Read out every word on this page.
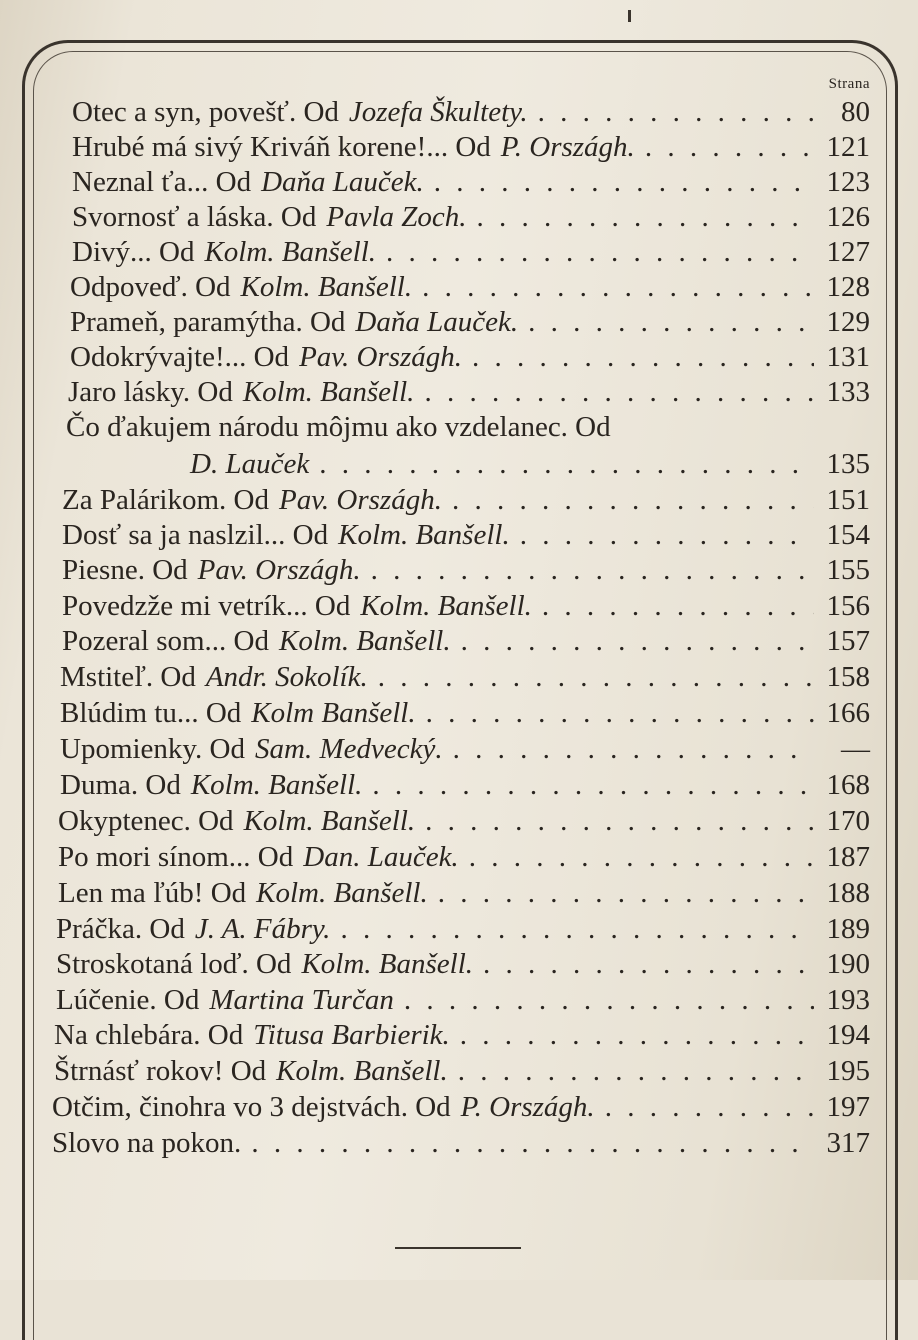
Strana
Otec a syn, povešť. Od Jozefa Škultety. . . .	80
Hrubé má sivý Kriváň korene!... Od P. Országh. . . .	121
Neznal ťa... Od Daňa Lauček. . . .	123
Svornosť a láska. Od Pavla Zoch. . . .	126
Divý... Od Kolm. Banšell. . . .	127
Odpoveď. Od Kolm. Banšell. . . .	128
Prameň, paramýtha. Od Daňa Lauček. . . .	129
Odokrývajte!... Od Pav. Országh. . . .	131
Jaro lásky. Od Kolm. Banšell. . . .	133
Čo ďakujem národu môjmu ako vzdelanec. Od
D. Lauček . . .	135
Za Palárikom. Od Pav. Országh. . . .	151
Dosť sa ja naslzil... Od Kolm. Banšell. . . .	154
Piesne. Od Pav. Országh. . . .	155
Povedzže mi vetrík... Od Kolm. Banšell. . . .	156
Pozeral som... Od Kolm. Banšell. . . .	157
Mstiteľ. Od Andr. Sokolík. . . .	158
Blúdim tu... Od Kolm Banšell. . . .	166
Upomienky. Od Sam. Medvecký. . . .	—
Duma. Od Kolm. Banšell. . . .	168
Okyptenec. Od Kolm. Banšell. . . .	170
Po mori sínom... Od Dan. Lauček. . . .	187
Len ma ľúb! Od Kolm. Banšell. . . .	188
Práčka. Od J. A. Fábry. . . .	189
Stroskotaná loď. Od Kolm. Banšell. . . .	190
Lúčenie. Od Martina Turčan . . .	193
Na chlebára. Od Titusa Barbierik. . . .	194
Štrnásť rokov! Od Kolm. Banšell. . . .	195
Otčim, činohra vo 3 dejstvách. Od P. Országh. . . .	197
Slovo na pokon. . . .	317
